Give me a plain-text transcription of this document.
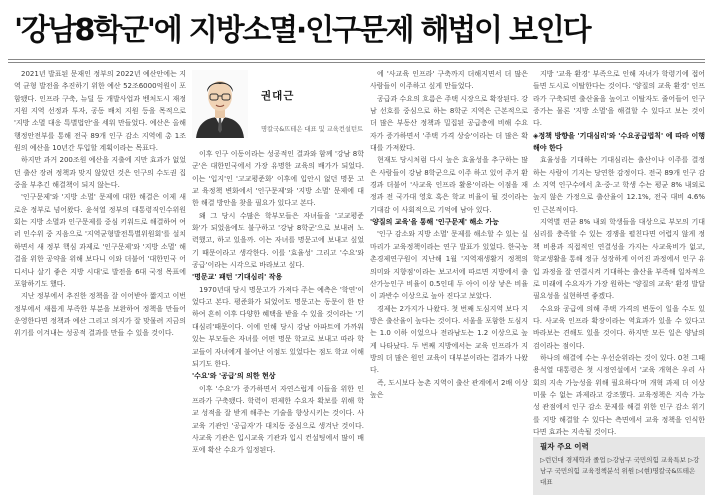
'강남8학군'에 지방소멸·인구문제 해법이 보인다
권대근
명칼국&뜨테은 대표 및 교육컨설턴트

2021년 발표된 문재인 정부의 2022년 예산안에는 지역 균형 발전을 추진하기 위한 예산 52조6000억원이 포함됐다. 인프라 구축, 뉴딜 등 개발사업과 벤처도시 재정 지원 지역 선정과 투자, 공동 배치 지원 등을 목적으로 '지방 소멸 대응 특별법안'을 세워 만들었다. 예산은 올해 행정안전부를 통해 전국 89개 인구 감소 지역에 총 1조원의 예산을 10년간 투입할 계획이라는 목표다.

하지만 과거 200조원 예산을 지출에 지만 효과가 없었던 출산 장려 정책과 맞지 않았던 것은 인구의 수도권 집중을 부추긴 해결책이 되지 않는다.

'인구문제'와 '지방 소멸' 문제에 대한 해결은 이제 새로운 정부로 넘어왔다. 윤석열 정부의 대통령직인수위원회는 지방 소멸과 인구문제를 중심 키워드로 해결하여 여러 인수위 중 지음으로 '지역균형발전특별위원회'를 설치하면서 새 정부 핵심 과제로 '인구문제'와 '지방 소멸' 해결을 위한 공약을 위해 보다니 이와 더불어 '대한민국 어디서나 살기 좋은 지방 시대'로 발전을 6대 국정 목표에 포함하기도 했다.

지난 정부에서 추진한 정책을 잘 이어받아 짧지고 이번 정부에서 새롭게 부족한 부분을 보완하여 정책을 만들어 운영한다면 정책과 예산 그리고 의지가 잘 맞물려 지금의 위기를 이겨내는 성공적 결과를 만들 수 있을 것이다.

이후 인구 이동이라는 성공적인 결과와 함께 '강남 8학군'은 대한민국에서 가장 유명한 교육의 배가가 되었다. 이는 '입지'인 '고교평준화' 이후에 입안시 없던 명문 고교 육정책 변화에서 '인구문제'와 '지방 소멸' 문제에 대한 해결 방안을 찾을 필요가 있다고 본다.

왜 그 당시 수많은 학부모들은 자녀들을 '고교평준화'가 되었음에도 불구하고 '강남 8학군'으로 보내려 노력했고, 하고 있을까. 이는 자녀를 명문고에 보내고 싶었기 때문이라고 생각한다. 이를 '효율성' 그리고 '수요'와 공급'이라는 시각으로 바라보고 싶다.

'명문교' 패턴 '기대심리' 작용

1970년대 당시 명문고가 가져다 주는 예측은 '학연'이었다고 본다. 평준화가 되었어도 명문고는 동문이 한 탄하여 흔히 이후 다양한 혜택을 받을 수 있을 것이라는 '기대심리'때문이다. 이에 인해 당시 강남 아파트에 가까워 있는 부모들은 자녀를 어떤 명문 학교로 보내고 따라 학교들이 자녀에게 불어난 이점도 있었다는 점도 학교 이해 되기도 한다.

'수요'와 '공급'의 의한 현상

이후 '수요'가 증가하면서 자연스럽게 이들을 위한 인프라가 구축됐다. 학력이 편제한 수요자 확보를 위해 학교 성적을 잘 받게 해주는 기술을 향상시키는 것이다. 사교육 기관인 '공급자'가 대치동 중심으로 생겨난 것이다. 사교육 기관은 입시교육 기관과 입시 컨설팅에서 많이 배포에 확산 수요가 일정된다.

에 '사교육 인프라' 구축까지 더해지면서 더 많은 사람들이 이주하고 싶게 만들었다.

공급과 수요의 흐름은 주택 시장으로 확장된다. 강남 선호를 중심으로 하는 8학군 지역은 근본적으로 더 많은 부동산 정책과 밀집된 공급층에 비해 수요 자가 증가하면서 '주택 가격 상승'이라는 더 많은 확대를 가져왔다.

현재도 당시처럼 다시 높은 효율성을 추구하는 많은 사람들이 강남 8학군으로 이주 하고 있어 주거 환경과 더불어 '사교육 인프라 활용'이라는 이점을 재정과 전 국가대 영호 혹은 학교 비율이 될 것이라는 기대감 이 사회적으로 기억에 남아 있다.

'양질의 교육'을 통해 '인구문제' 해소 가능

'인구 감소와 지방 소멸' 문제를 해소할 수 있는 실마리가 교육정책이라는 연구 발표가 있었다. 한국농촌경제연구원이 지난해 1월 '지역재생활거 정책의 의미와 지향점'이라는 보고서에 따르면 지방에서 출산가능인구 비율이 0.5인데 두 아이 이상 낳은 비율이 과반수 이상으로 높아 진다고 보았다.

경제는 2가지가 나왔다. 첫 번째 도심지역 보다 지방은 출산율이 높다는 것이다. 서울을 포함한 도심지는 1.0 이하 이었으나 전라남도는 1.2 이상으로 높게 나타났다. 두 번째 지방에서는 교육 인프라가 지방의 더 많은 원인 교육이 대부분이라는 결과가 나왔다.

즉, 도시보다 농촌 지역이 출산 관계에서 2배 이상 높은

지방 '교육 환경' 부족으로 인해 자녀가 학령기에 접어들면 도시로 이탈한다는 것이다. '양질의 교육 환경' 인프라가 구축되면 출산율을 높이고 이탈자도 줄어들어 인구 증가는 물론 '지방 소멸'을 해결할 수 있다고 보는 것이다.

◈정책 방향을 '기대심리'와 '수요공급법칙' 에 따라 이행해야 한다

효율성을 기대하는 기대심리는 출산이나 이주를 결정하는 사람이 기지는 당연한 감정이다. 전국 89개 인구 감소 지역 인구수에서 초·중·고 학생 수는 평균 8% 내외로 높지 않은 가정으로 출산율이 12.1%, 전국 대비 4.6%인 근본적이다.

지역별 편균 8% 내외 학생들을 대상으로 부모의 기대심리를 충족할 수 있는 경쟁을 펼친다면 어렵지 않게 정책 비용과 직접적인 연결성을 가지는 사교육비가 없고, 학교생활을 통해 정규 성장하게 이어진 과정에서 인구 유입 과정을 잘 연결시켜 기대하는 출산율 부족해 일차적으로 미래에 수요자가 가장 원하는 '양질의 교육' 환경 발달 필요성을 실현하면 좋겠다.

수요와 공급에 의해 주택 가격의 변동이 일을 수도 있다. 사교육 인프라 확장이라는 역효과가 있을 수 있다고 바라보는 견해도 있을 것이다. 하지만 모든 일은 양날의 검이라는 점이다.

하나의 해결에 수는 우선순위라는 것이 있다. 0천 그때 용석열 대통령은 첫 시정연설에서 '교육 개혁은 우리 사회의 지속 가능성을 위해 필요하다'며 개혁 과제 더 이상 미룰 수 없는 과제라고 강조했다. 교육정책은 지속 가능성 관점에서 인구 감소 문제를 해결 위한 인구 감소 위기를 지방 해결할 수 있다는 측면에서 교육 정책을 인식한다면 효과는 지속될 것이다.

필자 주요 이력
▷런던대 경제학과 졸업 ▷강남구 국민의힘 교육특보 ▷강남구 국민의힘 교육정책분석 위원 ▷(현)명칼국&뜨테은 대표
